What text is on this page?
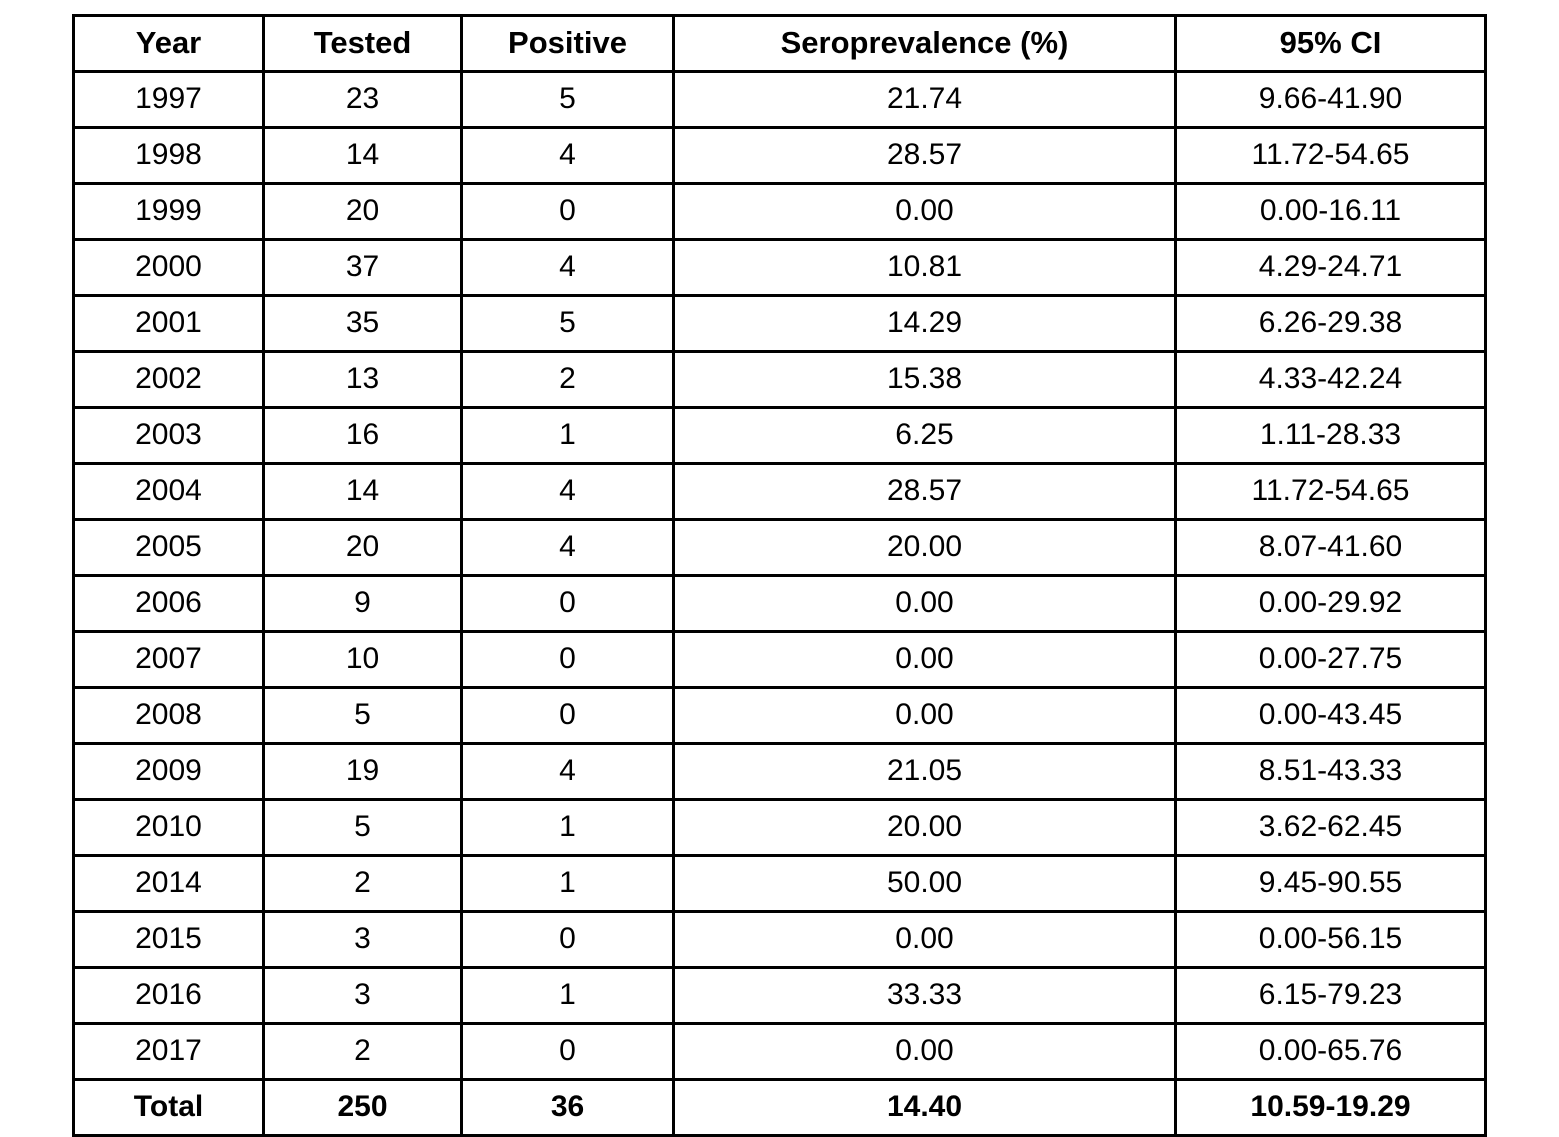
Year	Tested	Positive	Seroprevalence (%)	95% CI
1997	23	5	21.74	9.66-41.90
1998	14	4	28.57	11.72-54.65
1999	20	0	0.00	0.00-16.11
2000	37	4	10.81	4.29-24.71
2001	35	5	14.29	6.26-29.38
2002	13	2	15.38	4.33-42.24
2003	16	1	6.25	1.11-28.33
2004	14	4	28.57	11.72-54.65
2005	20	4	20.00	8.07-41.60
2006	9	0	0.00	0.00-29.92
2007	10	0	0.00	0.00-27.75
2008	5	0	0.00	0.00-43.45
2009	19	4	21.05	8.51-43.33
2010	5	1	20.00	3.62-62.45
2014	2	1	50.00	9.45-90.55
2015	3	0	0.00	0.00-56.15
2016	3	1	33.33	6.15-79.23
2017	2	0	0.00	0.00-65.76
Total	250	36	14.40	10.59-19.29
